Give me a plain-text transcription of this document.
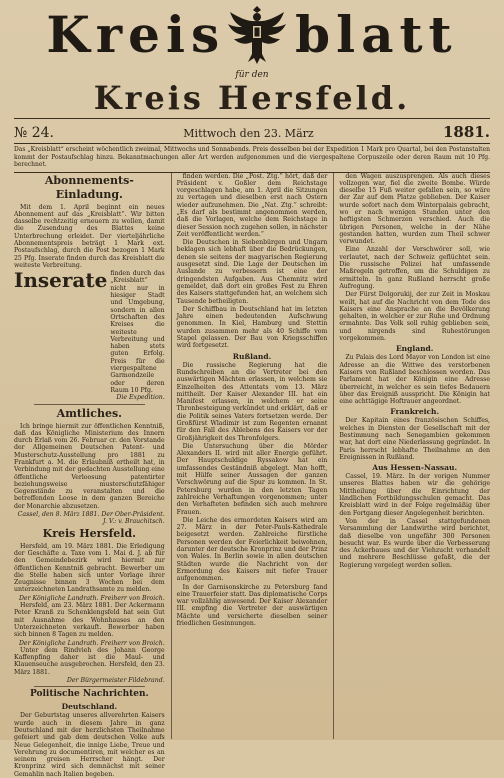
Kreis blatt
für den
Kreis Hersfeld.
№ 24.	Mittwoch den 23. März	1881.
Das „Kreisblatt“ erscheint wöchentlich zweimal, Mittwochs und Sonnabends. Preis desselben bei der Expedition 1 Mark pro Quartal, bei den Postanstalten kommt der Postaufschlag hinzu. Bekanntmachungen aller Art werden aufgenommen und die viergespaltene Corpuszeile oder deren Raum mit 10 Pfg. berechnet.
Abonnements-Einladung.

Mit dem 1. April beginnt ein neues Abonnement auf das „Kreisblatt“. Wir bitten dasselbe rechtzeitig erneuern zu wollen, damit die Zusendung des Blattes keine Unterbrechung erleidet. Der vierteljährliche Abonnementspreis beträgt 1 Mark ext. Postaufschlag, durch die Post bezogen 1 Mark 25 Pfg. Inserate finden durch das Kreisblatt die weiteste Verbreitung.

Inserate finden durch das „Kreisblatt“ nicht nur in hiesiger Stadt und Umgebung, sondern in allen Ortschaften des Kreises die weiteste Verbreitung und haben stets guten Erfolg. Preis für die viergespaltene Garmondzeile oder deren Raum 10 Pfg.
Die Expedition.
Amtliches.

Ich bringe hiermit zur öffentlichen Kenntniß, daß das Königliche Ministerium des Innern durch Erlaß vom 26. Februar cr. den Vorstande der Allgemeinen Deutschen Patent- und Musterschutz-Ausstellung pro 1881 zu Frankfurt a. M. die Erlaubniß ertheilt hat, in Verbindung mit der gedachten Ausstellung eine öffentliche Verloosung patentirter beziehungsweise musterschutzfähiger Gegenstände zu veranstalten und die betreffenden Loose in dem ganzen Bereiche der Monarchie abzusetzen.

Cassel, den 8. März 1881. Der Ober-Präsident. J. V.: v. Brauchitsch.
Kreis Hersfeld.

Hersfeld, am 19. März 1881. Die Erledigung der Geschäfte a. Taxe vom 1. Mai d. J. ab für den Gemeindebezirk wird hiermit zur öffentlichen Kenntniß gebracht. Bewerber um die Stelle haben sich unter Vorlage ihrer Zeugnisse binnen 3 Wochen bei dem unterzeichneten Landrathsamte zu melden.

Der Königliche Landrath. Freiherr von Broich.

Hersfeld, am 23. März 1881. Der Ackermann Peter Kranß zu Schenklengsfeld hat sein Gut mit Ausnahme des Wohnhauses an den Unterzeichneten verkauft. Bewerber haben sich binnen 8 Tagen zu melden.

Der Königliche Landrath. Freiherr von Broich.

Unter dem Rindvieh des Johann George Kaffenpfing daher ist die Maul- und Klauenseuche ausgebrochen. Hersfeld, den 23. März 1881.

Der Bürgermeister Fildebrand.
Politische Nachrichten.
Deutschland.

Der Geburtstag unseres allverehrten Kaisers wurde auch in diesem Jahre in ganz Deutschland mit der herzlichsten Theilnahme gefeiert und gab dem deutschen Volke aufs Neue Gelegenheit, die innige Liebe, Treue und Verehrung zu documentiren, mit welcher es an seinem greisen Herrscher hängt. Der Kronprinz wird sich demnächst mit seiner Gemahlin nach Italien begeben.

finden werden. Die „Post. Ztg.“ hört, daß der Präsident v. Goßler dem Reichstage vorgeschlagen habe, am 1. April die Sitzungen zu vertagen und dieselben erst nach Ostern wieder aufzunehmen. Die „Nat. Ztg.“ schreibt: „Es darf als bestimmt angenommen werden, daß die Vorlagen, welche dem Reichstage in dieser Session noch zugehen sollen, in nächster Zeit veröffentlicht werden.“

Die Deutschen in Siebenbürgen und Ungarn beklagen sich lebhaft über die Bedrückungen, denen sie seitens der magyarischen Regierung ausgesetzt sind. Die Lage der Deutschen im Auslande zu verbessern ist eine der dringendsten Aufgaben. Aus Chemnitz wird gemeldet, daß dort ein großes Fest zu Ehren des Kaisers stattgefunden hat, an welchem sich Tausende betheiligten.

Der Schiffbau in Deutschland hat im letzten Jahre einen bedeutenden Aufschwung genommen. In Kiel, Hamburg und Stettin wurden zusammen mehr als 40 Schiffe vom Stapel gelassen. Der Bau von Kriegsschiffen wird fortgesetzt.

Rußland.

Die russische Regierung hat die Rundschreiben an die Vertreter bei den auswärtigen Mächten erlassen, in welchem sie Einzelheiten des Attentats vom 13. März mittheilt. Der Kaiser Alexander III. hat ein Manifest erlassen, in welchem er seine Thronbesteigung verkündet und erklärt, daß er die Politik seines Vaters fortsetzen werde. Der Großfürst Wladimir ist zum Regenten ernannt für den Fall des Ablebens des Kaisers vor der Großjährigkeit des Thronfolgers.

Die Untersuchung über die Mörder Alexanders II. wird mit aller Energie geführt. Der Hauptschuldige Ryssakow hat ein umfassendes Geständniß abgelegt. Man hofft, mit Hülfe seiner Aussagen der ganzen Verschwörung auf die Spur zu kommen. In St. Petersburg wurden in den letzten Tagen zahlreiche Verhaftungen vorgenommen; unter den Verhafteten befinden sich auch mehrere Frauen.

Die Leiche des ermordeten Kaisers wird am 27. März in der Peter-Pauls-Kathedrale beigesetzt werden. Zahlreiche fürstliche Personen werden der Feierlichkeit beiwohnen, darunter der deutsche Kronprinz und der Prinz von Wales. In Berlin sowie in allen deutschen Städten wurde die Nachricht von der Ermordung des Kaisers mit tiefer Trauer aufgenommen.

In der Garnisonskirche zu Petersburg fand eine Trauerfeier statt. Das diplomatische Corps war vollzählig anwesend. Der Kaiser Alexander III. empfing die Vertreter der auswärtigen Mächte und versicherte dieselben seiner friedlichen Gesinnungen.

den Wagen auszusprengen. Als auch dieses vollzogen war, fiel die zweite Bombe. Würde dieselbe 15 Fuß weiter gefallen sein, so wäre der Zar auf dem Platze geblieben. Der Kaiser wurde sofort nach dem Winterpalais gebracht, wo er nach wenigen Stunden unter den heftigsten Schmerzen verschied. Auch die übrigen Personen, welche in der Nähe gestanden hatten, wurden zum Theil schwer verwundet.

Eine Anzahl der Verschwörer soll, wie verlautet, nach der Schweiz geflüchtet sein. Die russische Polizei hat umfassende Maßregeln getroffen, um die Schuldigen zu ermitteln. In ganz Rußland herrscht große Aufregung.

Der Fürst Dolgorukij, der zur Zeit in Moskau weilt, hat auf die Nachricht von dem Tode des Kaisers eine Ansprache an die Bevölkerung gehalten, in welcher er zur Ruhe und Ordnung ermahnte. Das Volk soll ruhig geblieben sein, und nirgends sind Ruhestörungen vorgekommen.

England.

Zu Palais des Lord Mayor von London ist eine Adresse an die Wittwe des verstorbenen Kaisers von Rußland beschlossen worden. Das Parlament hat der Königin eine Adresse überreicht, in welcher es sein tiefes Bedauern über das Ereigniß ausspricht. Die Königin hat eine achttägige Hoftrauer angeordnet.

Frankreich.

Der Kapitain eines französischen Schiffes, welches in Diensten der Gesellschaft mit der Bestimmung nach Senegambien gekommen war, hat dort eine Niederlassung gegründet. In Paris herrscht lebhafte Theilnahme an den Ereignissen in Rußland.

Aus Hessen-Nassau.

Cassel, 19. März. In der vorigen Nummer unseres Blattes haben wir die gehörige Mittheilung über die Einrichtung der ländlichen Fortbildungsschulen gemacht. Das Kreisblatt wird in der Folge regelmäßig über den Fortgang dieser Angelegenheit berichten.

Von der in Cassel stattgefundenen Versammlung der Landwirthe wird berichtet, daß dieselbe von ungefähr 300 Personen besucht war. Es wurde über die Verbesserung des Ackerbaues und der Viehzucht verhandelt und mehrere Beschlüsse gefaßt, die der Regierung vorgelegt werden sollen.
